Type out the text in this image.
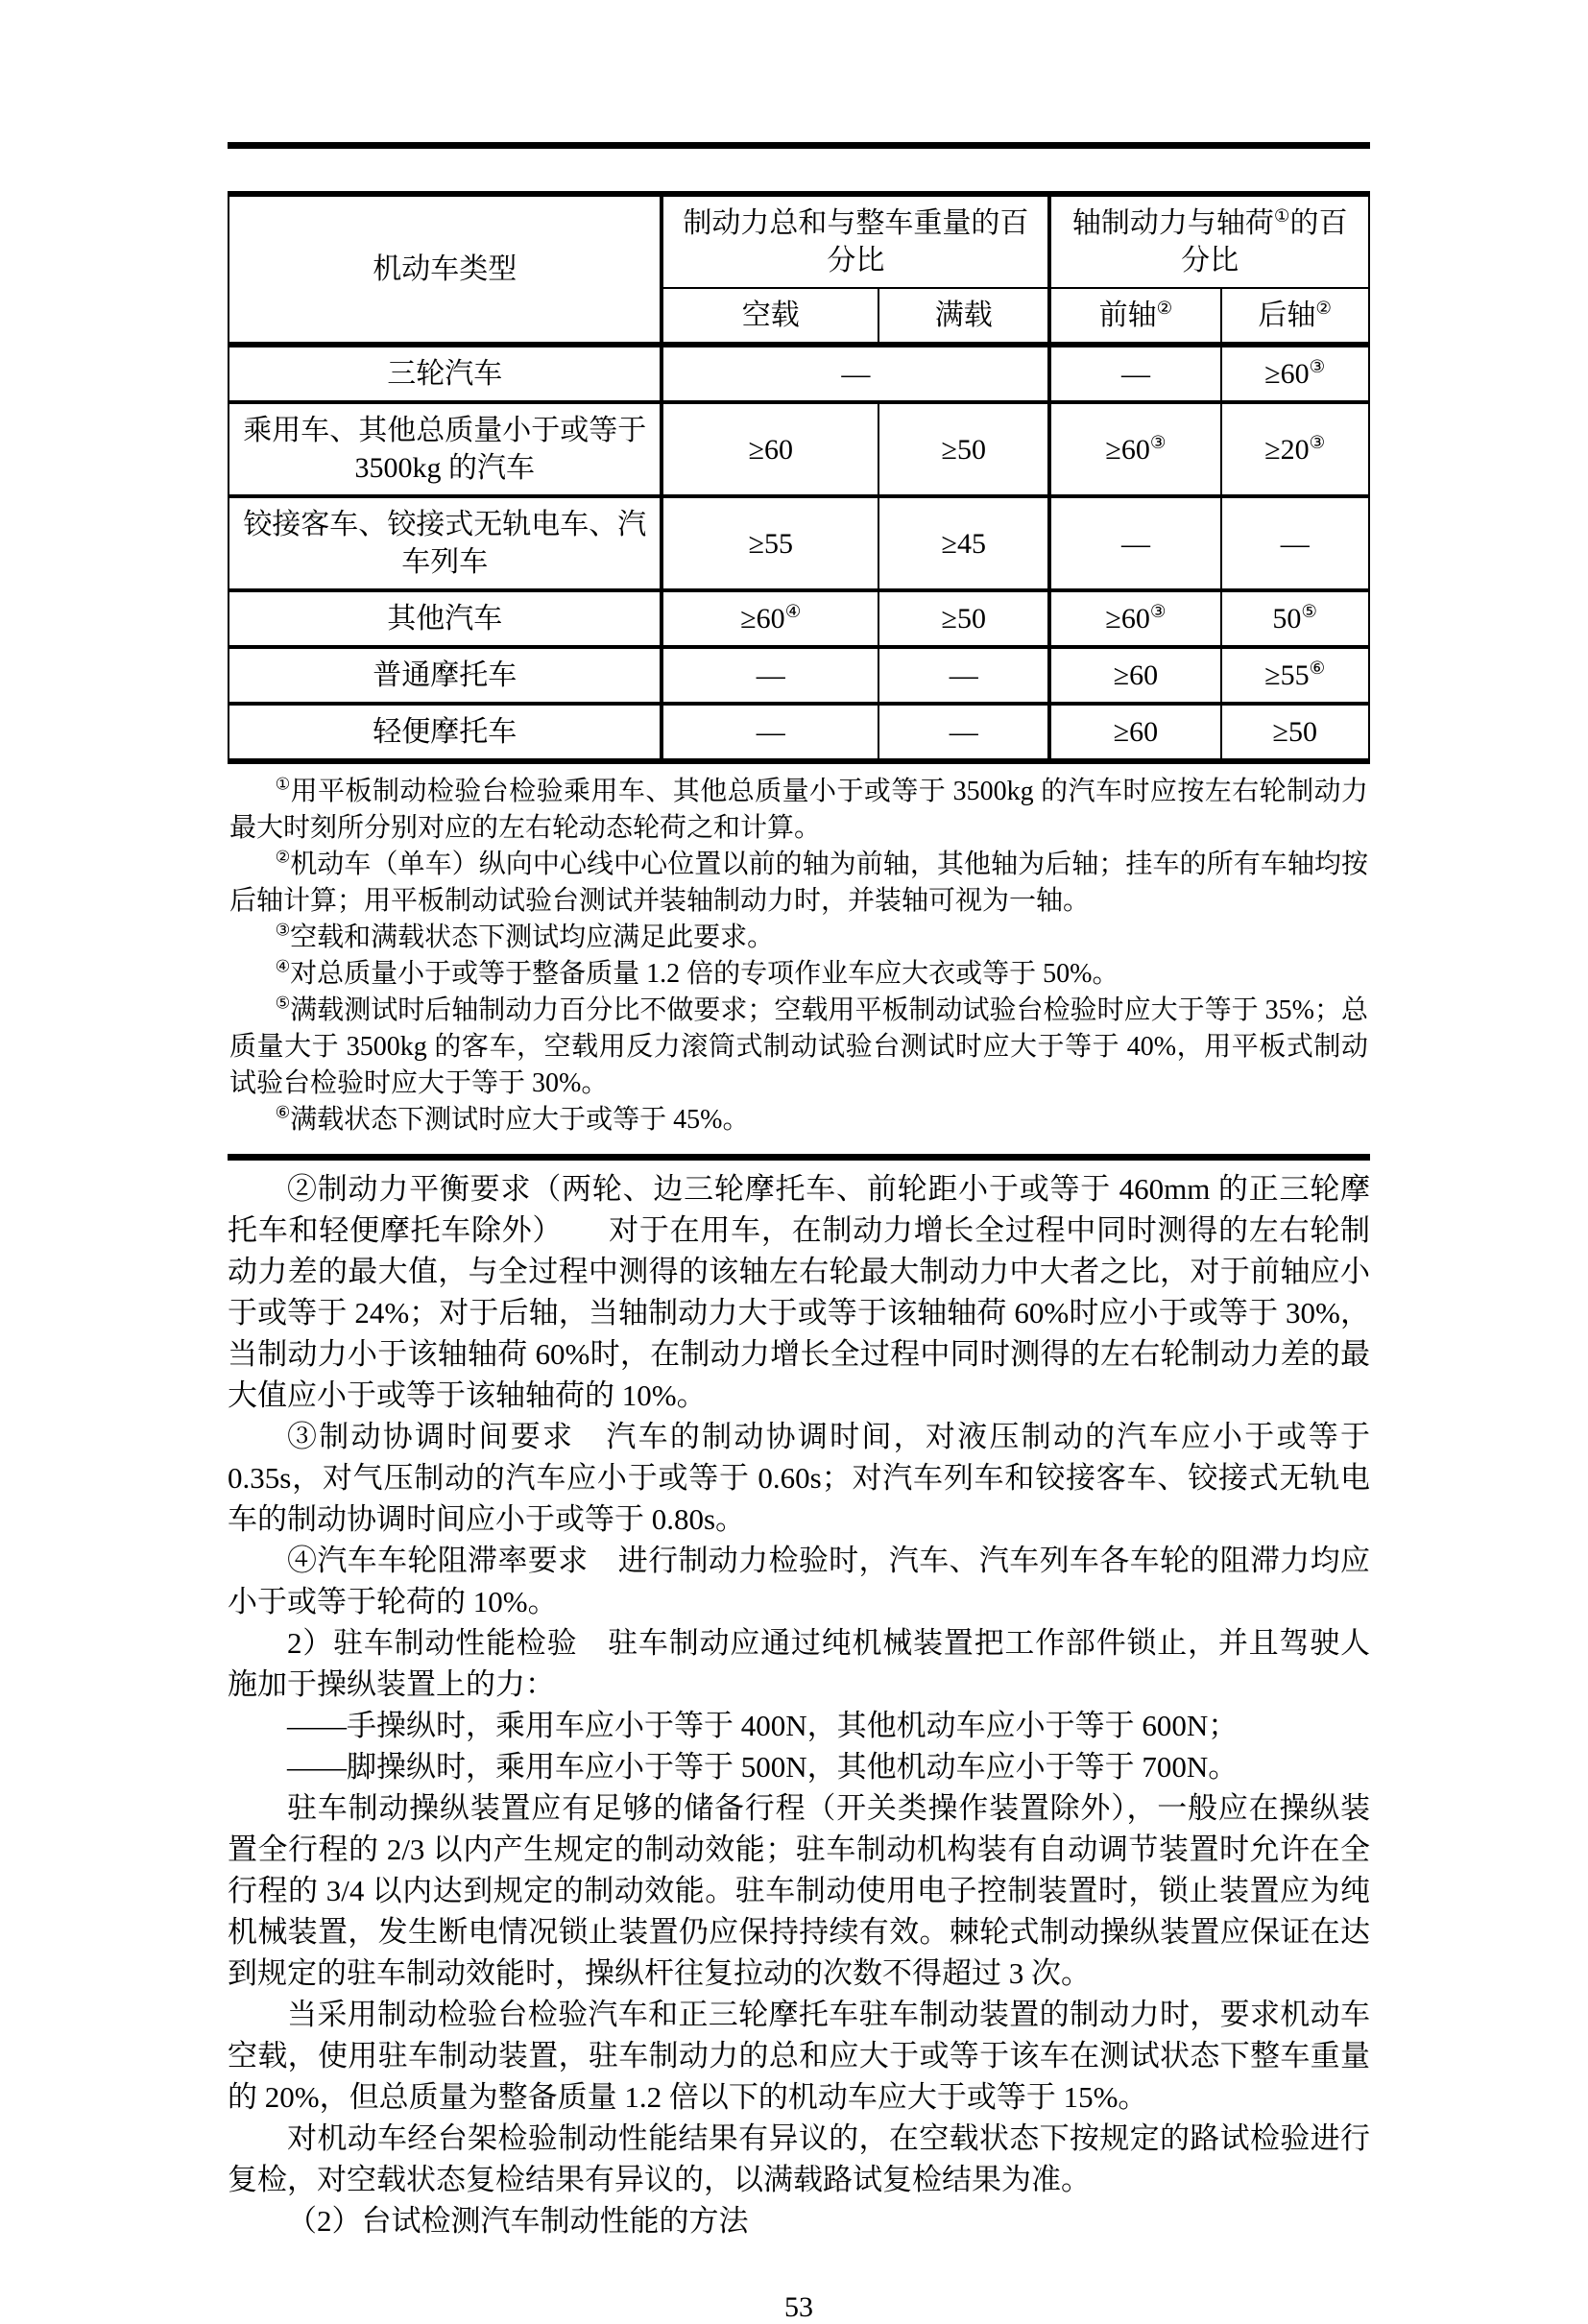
机动车类型	制动力总和与整车重量的百分比		轴制动力与轴荷①的百分比	
	空载	满载	前轴②	后轴②
三轮汽车	—		—	≥60③
乘用车、其他总质量小于或等于 3500kg 的汽车	≥60	≥50	≥60③	≥20③
铰接客车、铰接式无轨电车、汽车列车	≥55	≥45	—	—
其他汽车	≥60④	≥50	≥60③	50⑤
普通摩托车	—	—	≥60	≥55⑥
轻便摩托车	—	—	≥60	≥50

①用平板制动检验台检验乘用车、其他总质量小于或等于 3500kg 的汽车时应按左右轮制动力最大时刻所分别对应的左右轮动态轮荷之和计算。

②机动车（单车）纵向中心线中心位置以前的轴为前轴，其他轴为后轴；挂车的所有车轴均按后轴计算；用平板制动试验台测试并装轴制动力时，并装轴可视为一轴。

③空载和满载状态下测试均应满足此要求。

④对总质量小于或等于整备质量 1.2 倍的专项作业车应大衣或等于 50%。

⑤满载测试时后轴制动力百分比不做要求；空载用平板制动试验台检验时应大于等于 35%；总质量大于 3500kg 的客车，空载用反力滚筒式制动试验台测试时应大于等于 40%，用平板式制动试验台检验时应大于等于 30%。

⑥满载状态下测试时应大于或等于 45%。

②制动力平衡要求（两轮、边三轮摩托车、前轮距小于或等于 460mm 的正三轮摩托车和轻便摩托车除外）　　对于在用车，在制动力增长全过程中同时测得的左右轮制动力差的最大值，与全过程中测得的该轴左右轮最大制动力中大者之比，对于前轴应小于或等于 24%；对于后轴，当轴制动力大于或等于该轴轴荷 60%时应小于或等于 30%，当制动力小于该轴轴荷 60%时，在制动力增长全过程中同时测得的左右轮制动力差的最大值应小于或等于该轴轴荷的 10%。

③制动协调时间要求　汽车的制动协调时间，对液压制动的汽车应小于或等于 0.35s，对气压制动的汽车应小于或等于 0.60s；对汽车列车和铰接客车、铰接式无轨电车的制动协调时间应小于或等于 0.80s。

④汽车车轮阻滞率要求　进行制动力检验时，汽车、汽车列车各车轮的阻滞力均应小于或等于轮荷的 10%。

2）驻车制动性能检验　驻车制动应通过纯机械装置把工作部件锁止，并且驾驶人施加于操纵装置上的力：

——手操纵时，乘用车应小于等于 400N，其他机动车应小于等于 600N；

——脚操纵时，乘用车应小于等于 500N，其他机动车应小于等于 700N。

驻车制动操纵装置应有足够的储备行程（开关类操作装置除外），一般应在操纵装置全行程的 2/3 以内产生规定的制动效能；驻车制动机构装有自动调节装置时允许在全行程的 3/4 以内达到规定的制动效能。驻车制动使用电子控制装置时，锁止装置应为纯机械装置，发生断电情况锁止装置仍应保持持续有效。棘轮式制动操纵装置应保证在达到规定的驻车制动效能时，操纵杆往复拉动的次数不得超过 3 次。

当采用制动检验台检验汽车和正三轮摩托车驻车制动装置的制动力时，要求机动车空载，使用驻车制动装置，驻车制动力的总和应大于或等于该车在测试状态下整车重量的 20%，但总质量为整备质量 1.2 倍以下的机动车应大于或等于 15%。

对机动车经台架检验制动性能结果有异议的，在空载状态下按规定的路试检验进行复检，对空载状态复检结果有异议的，以满载路试复检结果为准。

（2）台试检测汽车制动性能的方法

53
